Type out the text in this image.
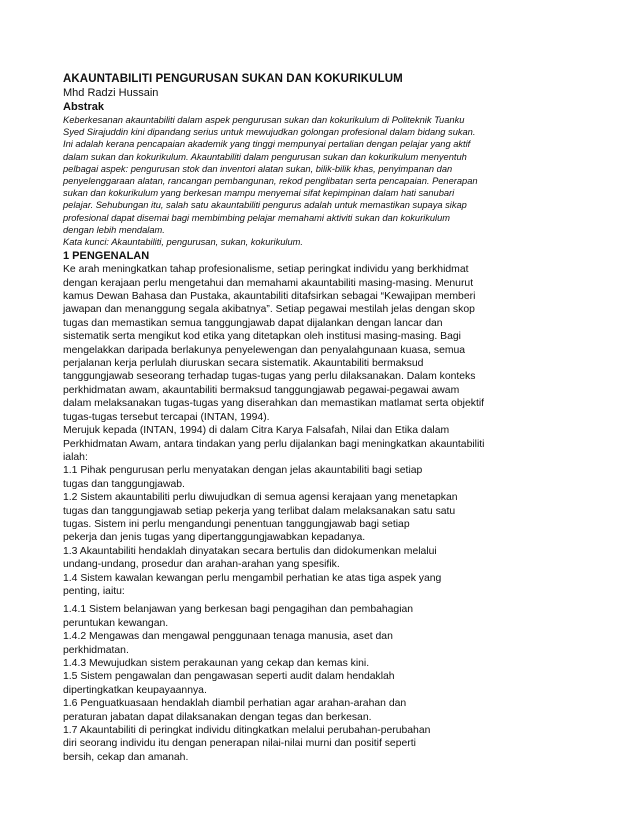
AKAUNTABILITI PENGURUSAN SUKAN DAN KOKURIKULUM
Mhd Radzi Hussain
Abstrak
Keberkesanan akauntabiliti dalam aspek pengurusan sukan dan kokurikulum di Politeknik Tuanku
Syed Sirajuddin kini dipandang serius untuk mewujudkan golongan profesional dalam bidang sukan.
Ini adalah kerana pencapaian akademik yang tinggi mempunyai pertalian dengan pelajar yang aktif
dalam sukan dan kokurikulum. Akauntabiliti dalam pengurusan sukan dan kokurikulum menyentuh
pelbagai aspek: pengurusan stok dan inventori alatan sukan, bilik-bilik khas, penyimpanan dan
penyelenggaraan alatan, rancangan pembangunan, rekod penglibatan serta pencapaian. Penerapan
sukan dan kokurikulum yang berkesan mampu menyemai sifat kepimpinan dalam hati sanubari
pelajar. Sehubungan itu, salah satu akauntabiliti pengurus adalah untuk memastikan supaya sikap
profesional dapat disemai bagi membimbing pelajar memahami aktiviti sukan dan kokurikulum
dengan lebih mendalam.
Kata kunci: Akauntabiliti, pengurusan, sukan, kokurikulum.
1 PENGENALAN
Ke arah meningkatkan tahap profesionalisme, setiap peringkat individu yang berkhidmat
dengan kerajaan perlu mengetahui dan memahami akauntabiliti masing-masing. Menurut
kamus Dewan Bahasa dan Pustaka, akauntabiliti ditafsirkan sebagai “Kewajipan memberi
jawapan dan menanggung segala akibatnya”. Setiap pegawai mestilah jelas dengan skop
tugas dan memastikan semua tanggungjawab dapat dijalankan dengan lancar dan
sistematik serta mengikut kod etika yang ditetapkan oleh institusi masing-masing. Bagi
mengelakkan daripada berlakunya penyelewengan dan penyalahgunaan kuasa, semua
perjalanan kerja perlulah diuruskan secara sistematik. Akauntabiliti bermaksud
tanggungjawab seseorang terhadap tugas-tugas yang perlu dilaksanakan. Dalam konteks
perkhidmatan awam, akauntabiliti bermaksud tanggungjawab pegawai-pegawai awam
dalam melaksanakan tugas-tugas yang diserahkan dan memastikan matlamat serta objektif
tugas-tugas tersebut tercapai (INTAN, 1994).
Merujuk kepada (INTAN, 1994) di dalam Citra Karya Falsafah, Nilai dan Etika dalam
Perkhidmatan Awam, antara tindakan yang perlu dijalankan bagi meningkatkan akauntabiliti
ialah:
1.1 Pihak pengurusan perlu menyatakan dengan jelas akauntabiliti bagi setiap
tugas dan tanggungjawab.
1.2 Sistem akauntabiliti perlu diwujudkan di semua agensi kerajaan yang menetapkan
tugas dan tanggungjawab setiap pekerja yang terlibat dalam melaksanakan satu satu
tugas. Sistem ini perlu mengandungi penentuan tanggungjawab bagi setiap
pekerja dan jenis tugas yang dipertanggungjawabkan kepadanya.
1.3 Akauntabiliti hendaklah dinyatakan secara bertulis dan didokumenkan melalui
undang-undang, prosedur dan arahan-arahan yang spesifik.
1.4 Sistem kawalan kewangan perlu mengambil perhatian ke atas tiga aspek yang
penting, iaitu:
1.4.1 Sistem belanjawan yang berkesan bagi pengagihan dan pembahagian
peruntukan kewangan.
1.4.2 Mengawas dan mengawal penggunaan tenaga manusia, aset dan
perkhidmatan.
1.4.3 Mewujudkan sistem perakaunan yang cekap dan kemas kini.
1.5 Sistem pengawalan dan pengawasan seperti audit dalam hendaklah
dipertingkatkan keupayaannya.
1.6 Penguatkuasaan hendaklah diambil perhatian agar arahan-arahan dan
peraturan jabatan dapat dilaksanakan dengan tegas dan berkesan.
1.7 Akauntabiliti di peringkat individu ditingkatkan melalui perubahan-perubahan
diri seorang individu itu dengan penerapan nilai-nilai murni dan positif seperti
bersih, cekap dan amanah.
